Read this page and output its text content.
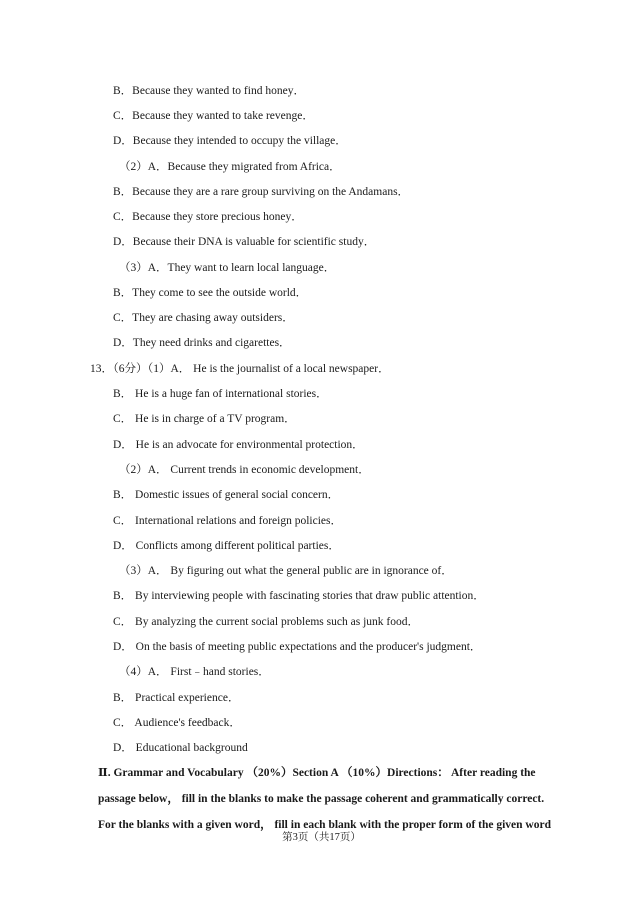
B．Because they wanted to find honey．
C．Because they wanted to take revenge．
D．Because they intended to occupy the village．
（2）A．Because they migrated from Africa．
B．Because they are a rare group surviving on the Andamans．
C．Because they store precious honey．
D．Because their DNA is valuable for scientific study．
（3）A．They want to learn local language．
B．They come to see the outside world．
C．They are chasing away outsiders．
D．They need drinks and cigarettes．
13．（6分）（1）A． He is the journalist of a local newspaper．
B． He is a huge fan of international stories．
C． He is in charge of a TV program．
D． He is an advocate for environmental protection．
（2）A． Current trends in economic development．
B． Domestic issues of general social concern．
C． International relations and foreign policies．
D． Conflicts among different political parties．
（3）A． By figuring out what the general public are in ignorance of．
B． By interviewing people with fascinating stories that draw public attention．
C． By analyzing the current social problems such as junk food．
D． On the basis of meeting public expectations and the producer's judgment．
（4）A． First﹣hand stories．
B． Practical experience．
C． Audience's feedback．
D． Educational background
Ⅱ. Grammar and Vocabulary （20%）Section A （10%）Directions： After reading the
passage below， fill in the blanks to make the passage coherent and grammatically correct.
For the blanks with a given word， fill in each blank with the proper form of the given word
第3页（共17页）
